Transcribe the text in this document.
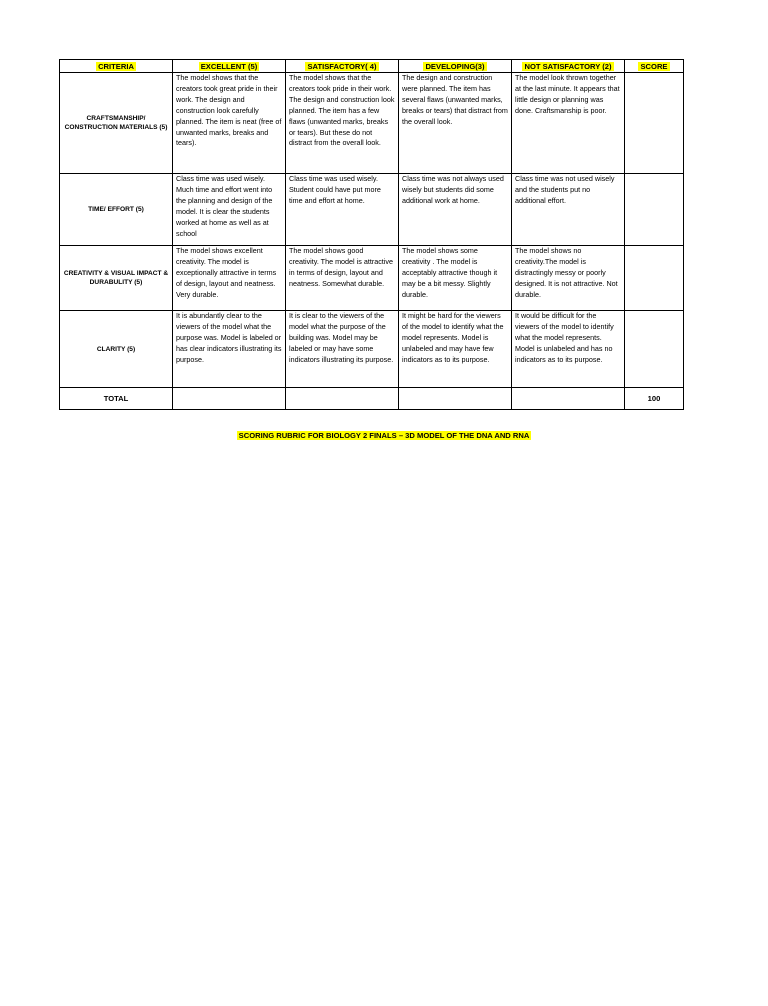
CRITERIA	EXCELLENT (5)	SATISFACTORY( 4)	DEVELOPING(3)	NOT SATISFACTORY (2)	SCORE
CRAFTSMANSHIP/ CONSTRUCTION MATERIALS (5)	The model shows that the creators took great pride in their work. The design and construction look carefully planned. The item is neat (free of unwanted marks, breaks and tears).	The model shows that the creators took pride in their work. The design and construction look planned. The item has a few flaws (unwanted marks, breaks or tears). But these do not distract from the overall look.	The design and construction were planned. The item has several flaws (unwanted marks, breaks or tears) that distract from the overall look.	The model look thrown together at the last minute. It appears that little design or planning was done. Craftsmanship is poor.	
TIME/ EFFORT (5)	Class time was used wisely. Much time and effort went into the planning and design of the model. It is clear the students worked at home as well as at school	Class time was used wisely. Student could have put more time and effort at home.	Class time was not always used wisely but students did some additional work at home.	Class time was not used wisely and the students put no additional effort.	
CREATIVITY & VISUAL IMPACT & DURABULITY (5)	The model shows excellent creativity. The model is exceptionally attractive in terms of design, layout and neatness. Very durable.	The model shows good creativity. The model is attractive in terms of design, layout and neatness. Somewhat durable.	The model shows some creativity . The model is acceptably attractive though it may be a bit messy. Slightly durable.	The model shows no creativity.The model is distractingly messy or poorly designed. It is not attractive. Not durable.	
CLARITY (5)	It is abundantly clear to the viewers of the model what the purpose was. Model is labeled or has clear indicators illustrating its purpose.	It is clear to the viewers of the model what the purpose of the building was. Model may be labeled or may have some indicators illustrating its purpose.	It might be hard for the viewers of the model to identify what the model represents. Model is unlabeled and may have few indicators as to its purpose.	It would be difficult for the viewers of the model to identify what the model represents. Model is unlabeled and has no indicators as to its purpose.	
TOTAL					100
SCORING RUBRIC FOR BIOLOGY 2 FINALS – 3D MODEL OF THE DNA AND RNA
